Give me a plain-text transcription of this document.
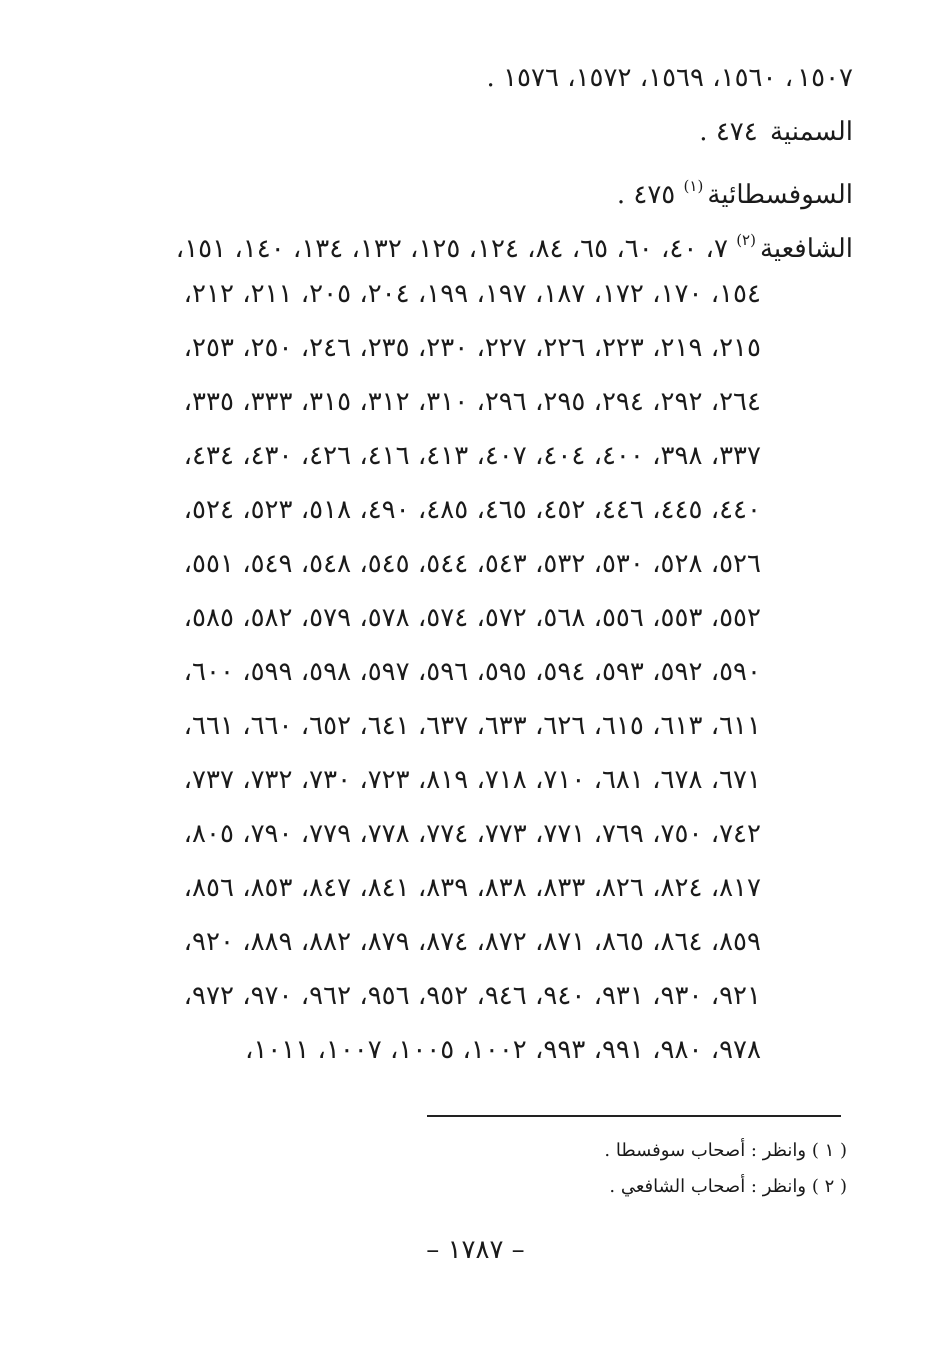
١٥٠٧، ١٥٦٠، ١٥٦٩، ١٥٧٢، ١٥٧٦ .
السمنية ٤٧٤ .
السوفسطائية$^{(١)}$ ٤٧٥ .
الشافعية$^{(٢)}$ ٧، ٤٠، ٦٠، ٦٥، ٨٤، ١٢٤، ١٢٥، ١٣٢، ١٣٤، ١٤٠، ١٥١،
١٥٤، ١٧٠، ١٧٢، ١٨٧، ١٩٧، ١٩٩، ٢٠٤، ٢٠٥، ٢١١، ٢١٢،
٢١٥، ٢١٩، ٢٢٣، ٢٢٦، ٢٢٧، ٢٣٠، ٢٣٥، ٢٤٦، ٢٥٠، ٢٥٣،
٢٦٤، ٢٩٢، ٢٩٤، ٢٩٥، ٢٩٦، ٣١٠، ٣١٢، ٣١٥، ٣٣٣، ٣٣٥،
٣٣٧، ٣٩٨، ٤٠٠، ٤٠٤، ٤٠٧، ٤١٣، ٤١٦، ٤٢٦، ٤٣٠، ٤٣٤،
٤٤٠، ٤٤٥، ٤٤٦، ٤٥٢، ٤٦٥، ٤٨٥، ٤٩٠، ٥١٨، ٥٢٣، ٥٢٤،
٥٢٦، ٥٢٨، ٥٣٠، ٥٣٢، ٥٤٣، ٥٤٤، ٥٤٥، ٥٤٨، ٥٤٩، ٥٥١،
٥٥٢، ٥٥٣، ٥٥٦، ٥٦٨، ٥٧٢، ٥٧٤، ٥٧٨، ٥٧٩، ٥٨٢، ٥٨٥،
٥٩٠، ٥٩٢، ٥٩٣، ٥٩٤، ٥٩٥، ٥٩٦، ٥٩٧، ٥٩٨، ٥٩٩، ٦٠٠،
٦١١، ٦١٣، ٦١٥، ٦٢٦، ٦٣٣، ٦٣٧، ٦٤١، ٦٥٢، ٦٦٠، ٦٦١،
٦٧١، ٦٧٨، ٦٨١، ٧١٠، ٧١٨، ٨١٩، ٧٢٣، ٧٣٠، ٧٣٢، ٧٣٧،
٧٤٢، ٧٥٠، ٧٦٩، ٧٧١، ٧٧٣، ٧٧٤، ٧٧٨، ٧٧٩، ٧٩٠، ٨٠٥،
٨١٧، ٨٢٤، ٨٢٦، ٨٣٣، ٨٣٨، ٨٣٩، ٨٤١، ٨٤٧، ٨٥٣، ٨٥٦،
٨٥٩، ٨٦٤، ٨٦٥، ٨٧١، ٨٧٢، ٨٧٤، ٨٧٩، ٨٨٢، ٨٨٩، ٩٢٠،
٩٢١، ٩٣٠، ٩٣١، ٩٤٠، ٩٤٦، ٩٥٢، ٩٥٦، ٩٦٢، ٩٧٠، ٩٧٢،
٩٧٨، ٩٨٠، ٩٩١، ٩٩٣، ١٠٠٢، ١٠٠٥، ١٠٠٧، ١٠١١،
( ١ ) وانظر : أصحاب سوفسطا .
( ٢ ) وانظر : أصحاب الشافعي .
– ١٧٨٧ –
